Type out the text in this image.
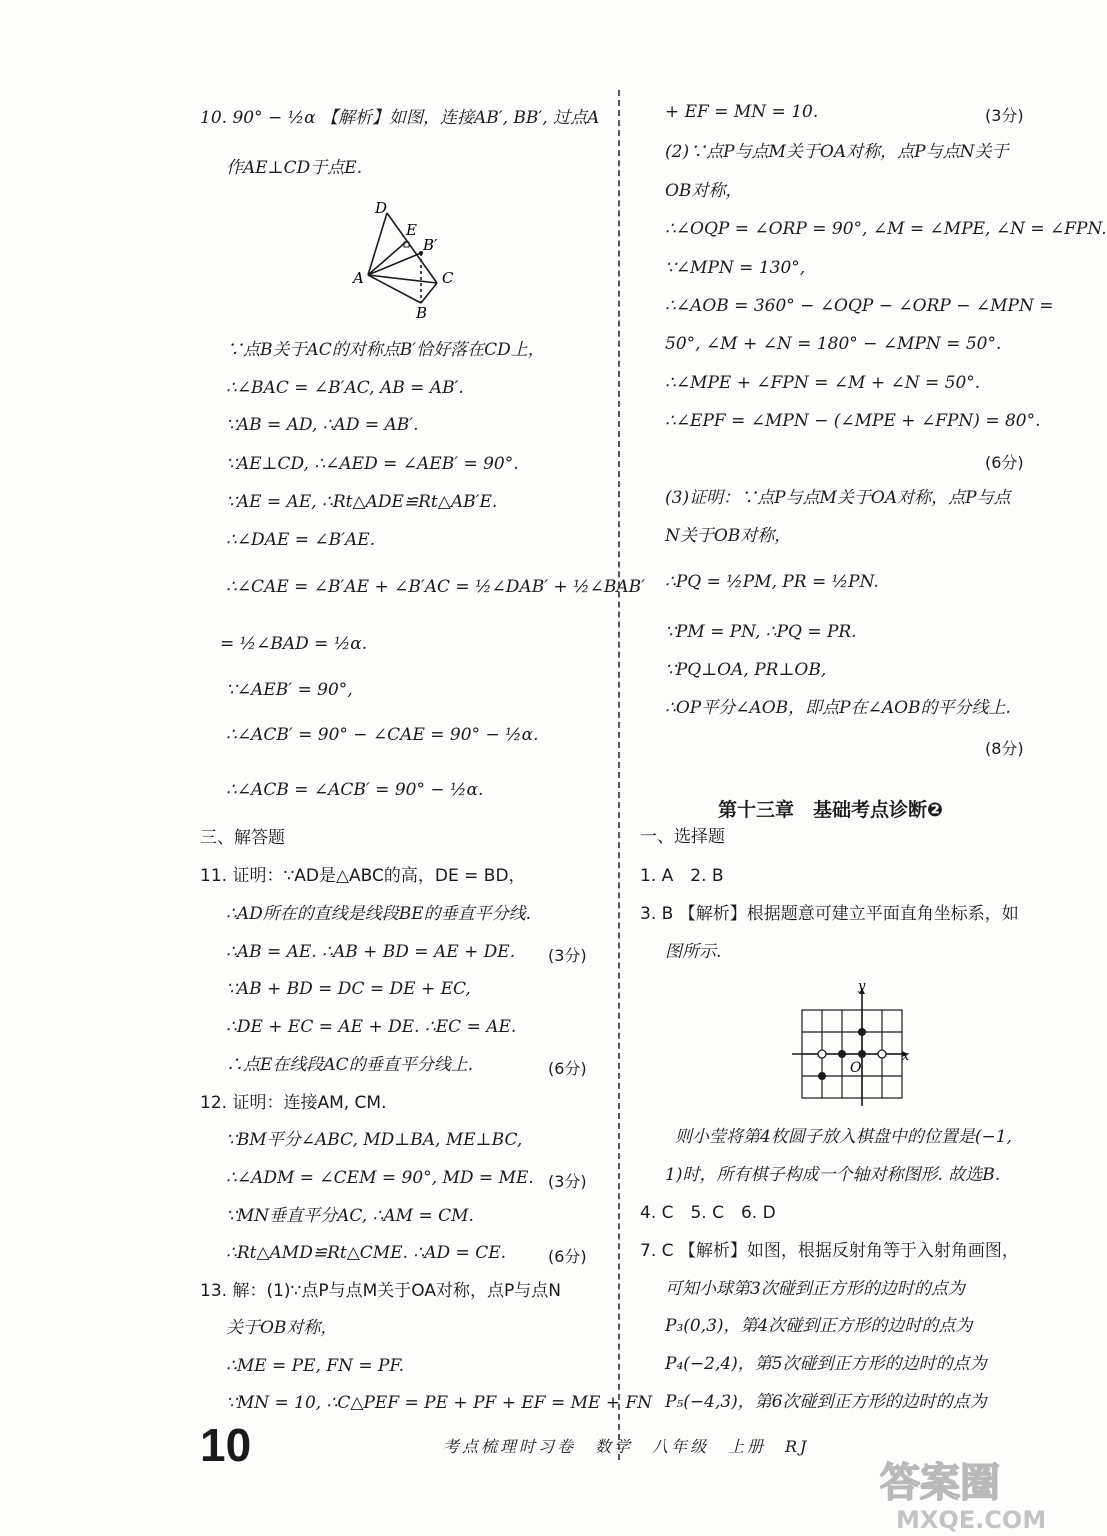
D
E
B′
A	C
B
x
y
O
第十三章　基础考点诊断❷
10	考点梳理时习卷　数学　八年级　上册　RJ
答案圈
MXQE.COM
10. 90° − ½α 【解析】如图，连接AB′, BB′, 过点A
作AE⊥CD于点E.
∵点B关于AC的对称点B′恰好落在CD上，
∴∠BAC = ∠B′AC, AB = AB′.
∵AB = AD, ∴AD = AB′.
∵AE⊥CD, ∴∠AED = ∠AEB′ = 90°.
∵AE = AE, ∴Rt△ADE≌Rt△AB′E.
∴∠DAE = ∠B′AE.
∴∠CAE = ∠B′AE + ∠B′AC = ½∠DAB′ + ½∠BAB′
= ½∠BAD = ½α.
∵∠AEB′ = 90°,
∴∠ACB′ = 90° − ∠CAE = 90° − ½α.
∴∠ACB = ∠ACB′ = 90° − ½α.
三、解答题
11. 证明：∵AD是△ABC的高，DE = BD，
∴AD所在的直线是线段BE的垂直平分线.
∴AB = AE. ∴AB + BD = AE + DE.
∵AB + BD = DC = DE + EC,
∴DE + EC = AE + DE. ∴EC = AE.
∴点E在线段AC的垂直平分线上.
12. 证明：连接AM, CM.
∵BM平分∠ABC, MD⊥BA, ME⊥BC,
∴∠ADM = ∠CEM = 90°, MD = ME.
∵MN垂直平分AC, ∴AM = CM.
∴Rt△AMD≌Rt△CME. ∴AD = CE.
13. 解：(1)∵点P与点M关于OA对称，点P与点N
关于OB对称，
∴ME = PE, FN = PF.
∵MN = 10, ∴C△PEF = PE + PF + EF = ME + FN
(3分)
(6分)
(3分)
(6分)
+ EF = MN = 10.
(2)∵点P与点M关于OA对称，点P与点N关于
OB对称，
∴∠OQP = ∠ORP = 90°, ∠M = ∠MPE, ∠N = ∠FPN.
∵∠MPN = 130°,
∴∠AOB = 360° − ∠OQP − ∠ORP − ∠MPN =
50°, ∠M + ∠N = 180° − ∠MPN = 50°.
∴∠MPE + ∠FPN = ∠M + ∠N = 50°.
∴∠EPF = ∠MPN − (∠MPE + ∠FPN) = 80°.
(3)证明：∵点P与点M关于OA对称，点P与点
N关于OB对称，
∴PQ = ½PM, PR = ½PN.
∵PM = PN, ∴PQ = PR.
∵PQ⊥OA, PR⊥OB,
∴OP平分∠AOB，即点P在∠AOB的平分线上.
一、选择题
1. A　2. B
3. B 【解析】根据题意可建立平面直角坐标系，如
图所示.
则小莹将第4枚圆子放入棋盘中的位置是(−1,
1)时，所有棋子构成一个轴对称图形. 故选B.
4. C　5. C　6. D
7. C 【解析】如图，根据反射角等于入射角画图，
可知小球第3次碰到正方形的边时的点为
P₃(0,3)，第4次碰到正方形的边时的点为
P₄(−2,4)，第5次碰到正方形的边时的点为
P₅(−4,3)，第6次碰到正方形的边时的点为
(3分)
(6分)
(8分)
